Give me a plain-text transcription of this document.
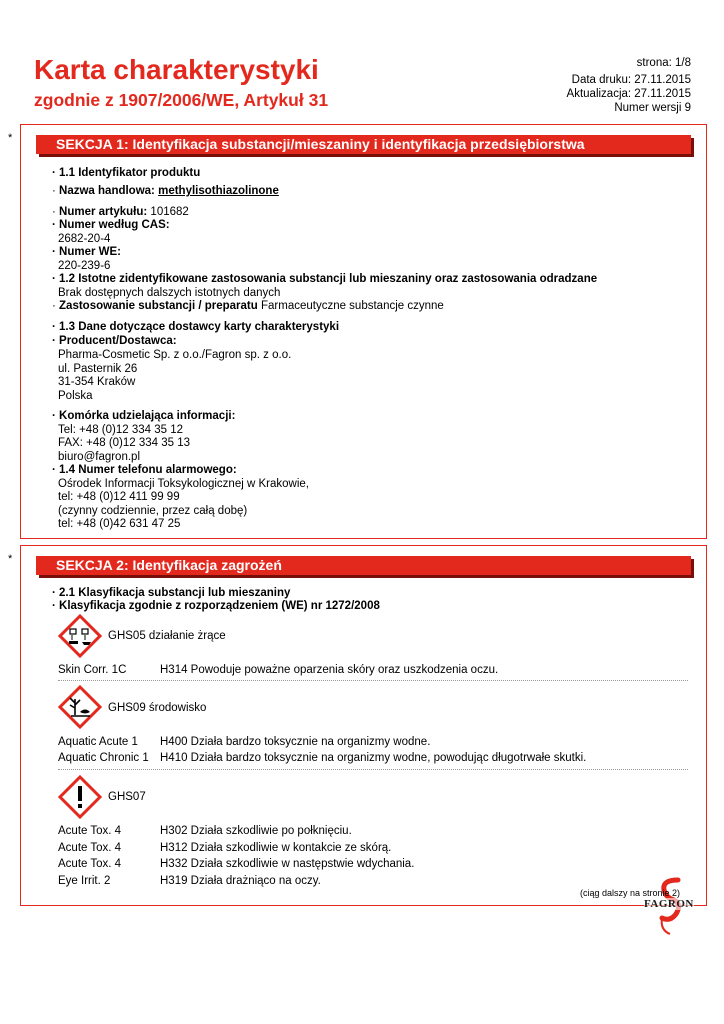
strona: 1/8
Karta charakterystyki
zgodnie z 1907/2006/WE, Artykuł 31
Data druku: 27.11.2015
Aktualizacja: 27.11.2015
Numer wersji 9
*	SEKCJA 1: Identyfikacja substancji/mieszaniny i identyfikacja przedsiębiorstwa
· 1.1 Identyfikator produktu
· Nazwa handlowa: methylisothiazolinone
· Numer artykułu: 101682
· Numer według CAS:
2682-20-4
· Numer WE:
220-239-6
· 1.2 Istotne zidentyfikowane zastosowania substancji lub mieszaniny oraz zastosowania odradzane
Brak dostępnych dalszych istotnych danych
· Zastosowanie substancji / preparatu Farmaceutyczne substancje czynne
· 1.3 Dane dotyczące dostawcy karty charakterystyki
· Producent/Dostawca:
Pharma-Cosmetic Sp. z o.o./Fagron sp. z o.o.
ul. Pasternik 26
31-354 Kraków
Polska
· Komórka udzielająca informacji:
Tel: +48 (0)12 334 35 12
FAX: +48 (0)12 334 35 13
biuro@fagron.pl
· 1.4 Numer telefonu alarmowego:
Ośrodek Informacji Toksykologicznej w Krakowie,
tel: +48 (0)12 411 99 99
(czynny codziennie, przez całą dobę)
tel: +48 (0)42 631 47 25
*	SEKCJA 2: Identyfikacja zagrożeń
· 2.1 Klasyfikacja substancji lub mieszaniny
· Klasyfikacja zgodnie z rozporządzeniem (WE) nr 1272/2008
GHS05 działanie żrące
Skin Corr. 1C	H314 Powoduje poważne oparzenia skóry oraz uszkodzenia oczu.
GHS09 środowisko
Aquatic Acute 1 H400 Działa bardzo toksycznie na organizmy wodne.
Aquatic Chronic 1 H410 Działa bardzo toksycznie na organizmy wodne, powodując długotrwałe skutki.
GHS07
Acute Tox. 4	H302 Działa szkodliwie po połknięciu.
Acute Tox. 4	H312 Działa szkodliwie w kontakcie ze skórą.
Acute Tox. 4	H332 Działa szkodliwie w następstwie wdychania.
Eye Irrit. 2	H319 Działa drażniąco na oczy.
FAGRON
(ciąg dalszy na stronie 2)
